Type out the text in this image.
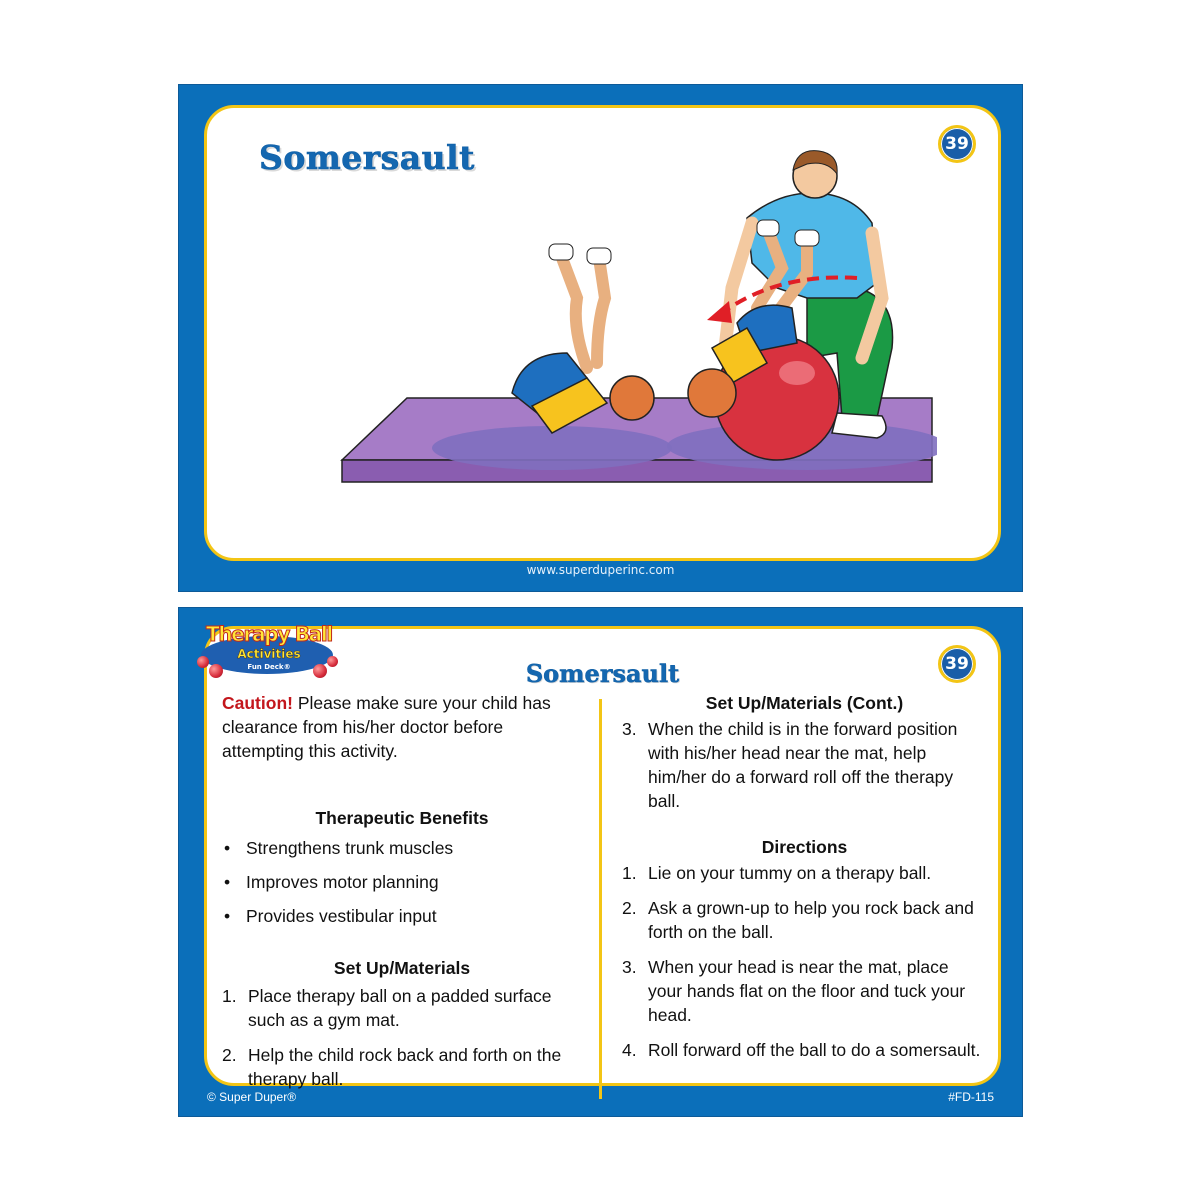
Somersault	39
www.superduperinc.com
Somersault	39
Caution! Please make sure your child has clearance from his/her doctor before attempting this activity.
Therapeutic Benefits
• Strengthens trunk muscles
• Improves motor planning
• Provides vestibular input
Set Up/Materials
1. Place therapy ball on a padded surface such as a gym mat.
2. Help the child rock back and forth on the therapy ball.
Set Up/Materials (Cont.)
3. When the child is in the forward position with his/her head near the mat, help him/her do a forward roll off the therapy ball.
Directions
1. Lie on your tummy on a therapy ball.
2. Ask a grown-up to help you rock back and forth on the ball.
3. When your head is near the mat, place your hands flat on the floor and tuck your head.
4. Roll forward off the ball to do a somersault.
Therapy Ball
Activities
Fun Deck®
© Super Duper®	#FD-115
